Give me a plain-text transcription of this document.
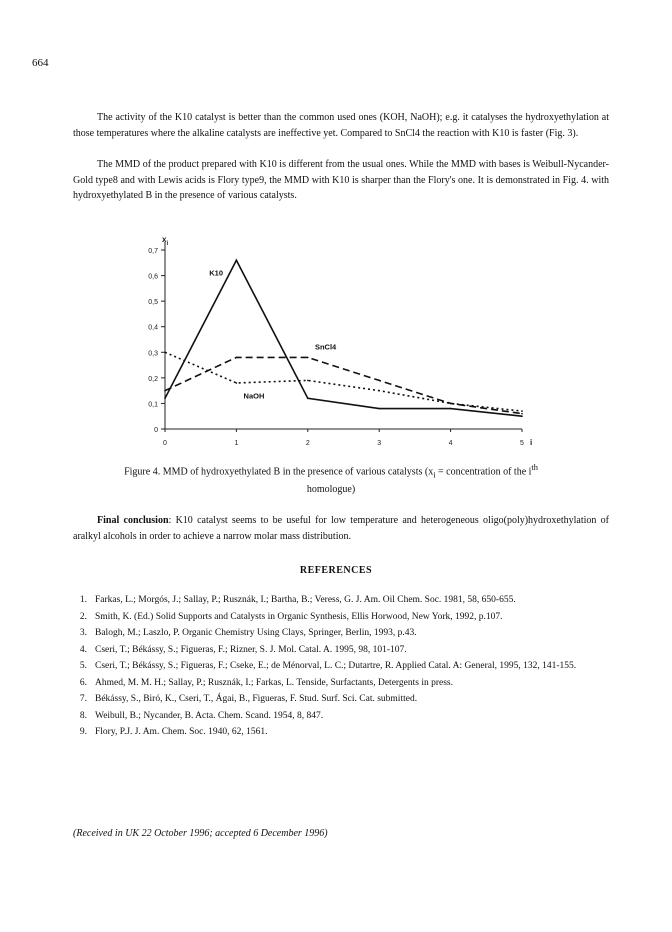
664

The activity of the K10 catalyst is better than the common used ones (KOH, NaOH); e.g. it catalyses the hydroxyethylation at those temperatures where the alkaline catalysts are ineffective yet. Compared to SnCl4 the reaction with K10 is faster (Fig. 3).

The MMD of the product prepared with K10 is different from the usual ones. While the MMD with bases is Weibull-Nycander-Gold type8 and with Lewis acids is Flory type9, the MMD with K10 is sharper than the Flory's one. It is demonstrated in Fig. 4. with hydroxyethylated B in the presence of various catalysts.

0
0,1
0,2
0,3
0,4
0,5
0,6
0,7
0	1	2	3	4	5 i
$x_i$
K10
SnCl4
NaOH

Figure 4. MMD of hydroxyethylated B in the presence of various catalysts ($x_i$ = concentration of the $i^{th}$
homologue)

Final conclusion: K10 catalyst seems to be useful for low temperature and heterogeneous oligo(poly)hydroxethylation of aralkyl alcohols in order to achieve a narrow molar mass distribution.

REFERENCES
1. Farkas, L.; Morgós, J.; Sallay, P.; Rusznák, I.; Bartha, B.; Veress, G. J. Am. Oil Chem. Soc. 1981, 58, 650-655.
2. Smith, K. (Ed.) Solid Supports and Catalysts in Organic Synthesis, Ellis Horwood, New York, 1992, p.107.
3. Balogh, M.; Laszlo, P. Organic Chemistry Using Clays, Springer, Berlin, 1993, p.43.
4. Cseri, T.; Békássy, S.; Figueras, F.; Rizner, S. J. Mol. Catal. A. 1995, 98, 101-107.
5. Cseri, T.; Békássy, S.; Figueras, F.; Cseke, E.; de Ménorval, L. C.; Dutartre, R. Applied Catal. A: General, 1995, 132, 141-155.
6. Ahmed, M. M. H.; Sallay, P.; Rusznák, I.; Farkas, L. Tenside, Surfactants, Detergents in press.
7. Békássy, S., Biró, K., Cseri, T., Ágai, B., Figueras, F. Stud. Surf. Sci. Cat. submitted.
8. Weibull, B.; Nycander, B. Acta. Chem. Scand. 1954, 8, 847.
9. Flory, P.J. J. Am. Chem. Soc. 1940, 62, 1561.
(Received in UK 22 October 1996; accepted 6 December 1996)
